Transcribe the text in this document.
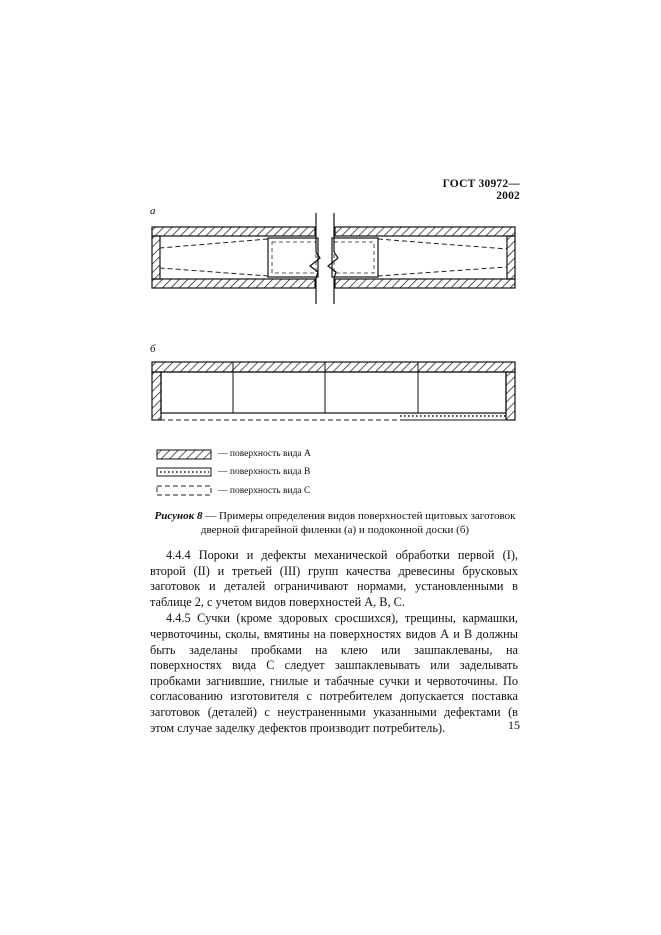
ГОСТ 30972—2002
а
б
— поверхность вида А
— поверхность вида В
— поверхность вида С
Рисунок 8 — Примеры определения видов поверхностей щитовых заготовок
дверной фигарейной филенки (а) и подоконной доски (б)

4.4.4 Пороки и дефекты механической обработки первой (I), второй (II) и третьей (III) групп качества древесины брусковых заготовок и деталей ограничивают нормами, установленными в таблице 2, с учетом видов поверхностей А, В, С.

4.4.5 Сучки (кроме здоровых сросшихся), трещины, кармашки, червоточины, сколы, вмятины на поверхностях видов А и В должны быть заделаны пробками на клею или зашпаклеваны, на поверхностях вида С следует зашпаклевывать или заделывать пробками загнившие, гнилые и табачные сучки и червоточины. По согласованию изготовителя с потребителем допускается поставка заготовок (деталей) с неустраненными указанными дефектами (в этом случае заделку дефектов производит потребитель).	15
